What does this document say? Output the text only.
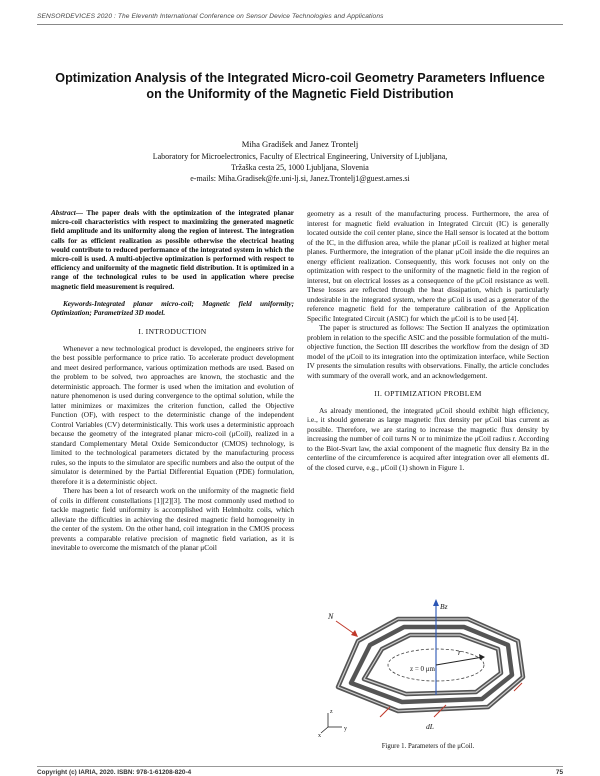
SENSORDEVICES 2020 : The Eleventh International Conference on Sensor Device Technologies and Applications
Optimization Analysis of the Integrated Micro-coil Geometry Parameters Influence
on the Uniformity of the Magnetic Field Distribution
Miha Gradišek and Janez Trontelj
Laboratory for Microelectronics, Faculty of Electrical Engineering, University of Ljubljana,
Tržaška cesta 25, 1000 Ljubljana, Slovenia
e-mails: Miha.Gradisek@fe.uni-lj.si, Janez.Trontelj1@guest.arnes.si

Abstract— The paper deals with the optimization of the integrated planar micro-coil characteristics with respect to maximizing the generated magnetic field amplitude and its uniformity along the region of interest. The integration calls for as efficient realization as possible otherwise the electrical heating would contribute to reduced performance of the integrated system in which the micro-coil is used. A multi-objective optimization is performed with respect to efficiency and uniformity of the magnetic field distribution. It is optimized in a range of the technological rules to be used in application where precise magnetic field measurement is required.

Keywords-Integrated planar micro-coil; Magnetic field uniformity; Optimization; Parametrized 3D model.

I. INTRODUCTION

Whenever a new technological product is developed, the engineers strive for the best possible performance to price ratio. To accelerate product development and meet desired performance, various optimization methods are used. Based on the problem to be solved, two approaches are known, the stochastic and the deterministic approach. The former is used when the imitation and evolution of nature phenomenon is used during convergence to the optimal solution, while the latter minimizes or maximizes the criterion function, called the Objective Function (OF), with respect to the deterministic change of the independent Control Variables (CV) deterministically. This work uses a deterministic approach because the geometry of the integrated planar micro-coil (μCoil), realized in a standard Complementary Metal Oxide Semiconductor (CMOS) technology, is limited to the technological parameters dictated by the manufacturing process rules, so the inputs to the simulator are specific numbers and also the output of the simulator is determined by the Partial Differential Equation (PDE) formulation, therefore it is a deterministic object.

There has been a lot of research work on the uniformity of the magnetic field of coils in different constellations [1][2][3]. The most commonly used method to tackle magnetic field uniformity is accomplished with Helmholtz coils, which alleviate the difficulties in achieving the desired magnetic field homogeneity in the center of the system. On the other hand, coil integration in the CMOS process prevents a comparable relative precision of magnetic field variation, as it is inevitable to overcome the mismatch of the planar μCoil

geometry as a result of the manufacturing process. Furthermore, the area of interest for magnetic field evaluation in Integrated Circuit (IC) is generally located outside the coil center plane, since the Hall sensor is located at the bottom of the IC, in the diffusion area, while the planar μCoil is realized at higher metal planes. Furthermore, the integration of the planar μCoil inside the die requires an energy efficient realization. Consequently, this work focuses not only on the optimization with respect to the uniformity of the magnetic field in the region of interest, but on electrical losses as a consequence of the μCoil resistance as well. These losses are reflected through the heat dissipation, which is particularly undesirable in the integrated system, where the μCoil is used as a generator of the reference magnetic field for the temperature calibration of the Application Specific Integrated Circuit (ASIC) for which the μCoil is to be used [4].

The paper is structured as follows: The Section II analyzes the optimization problem in relation to the specific ASIC and the possible formulation of the multi-objective function, the Section III describes the workflow from the design of 3D model of the μCoil to its integration into the optimization interface, while Section IV presents the simulation results with observations. Finally, the article concludes with summary of the overall work, and an acknowledgement.

II. OPTIMIZATION PROBLEM

As already mentioned, the integrated μCoil should exhibit high efficiency, i.e., it should generate as large magnetic flux density per μCoil bias current as possible. Therefore, we are staring to increase the magnetic flux density by increasing the number of coil turns N or to minimize the μCoil radius r. According to the Biot-Svart law, the axial component of the magnetic flux density Bz in the centerline of the circumference is acquired after integration over all elements dL of the closed curve, e.g., μCoil (1) shown in Figure 1.

N
Bz
r
z = 0 μm
dL
x
y
z
Figure 1. Parameters of the μCoil.
Copyright (c) IARIA, 2020. ISBN: 978-1-61208-820-4	75
